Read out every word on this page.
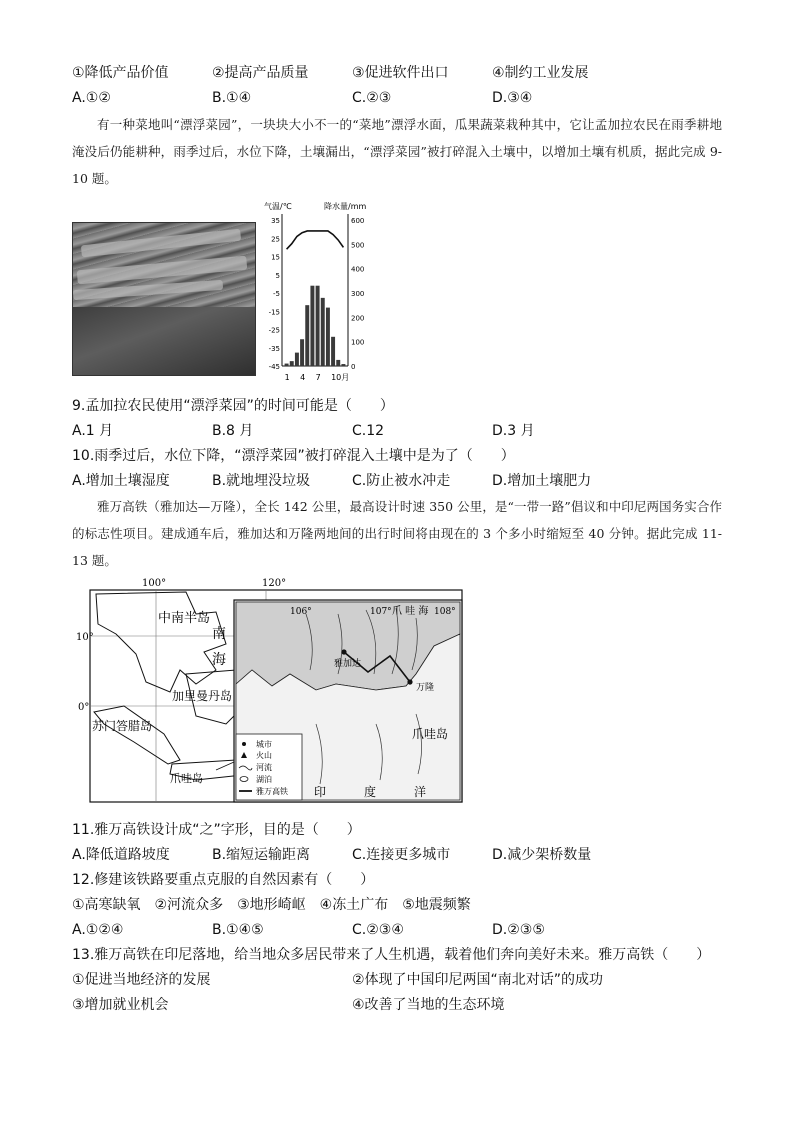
①降低产品价值	②提高产品质量	③促进软件出口	④制约工业发展
A.①②	B.①④	C.②③	D.③④
有一种菜地叫“漂浮菜园”，一块块大小不一的“菜地”漂浮水面，瓜果蔬菜栽种其中，它让孟加拉农民在雨季耕地淹没后仍能耕种，雨季过后，水位下降，土壤漏出，“漂浮菜园”被打碎混入土壤中，以增加土壤有机质，据此完成 9-10 题。
气温/℃	降水量/mm
35
25
15
5
-5
-15
-25
-35
-45
600
500
400
300
200
100
0
1 4 7 10月
9.孟加拉农民使用“漂浮菜园”的时间可能是（　　）
A.1 月	B.8 月	C.12	D.3 月
10.雨季过后，水位下降，“漂浮菜园”被打碎混入土壤中是为了（　　）
A.增加土壤湿度	B.就地埋没垃圾	C.防止被水冲走	D.增加土壤肥力
雅万高铁（雅加达—万隆），全长 142 公里，最高设计时速 350 公里，是“一带一路”倡议和中印尼两国务实合作的标志性项目。建成通车后，雅加达和万隆两地间的出行时间将由现在的 3 个多小时缩短至 40 分钟。据此完成 11-13 题。
100°	120°
10°
0°
中南半岛
南
海
加里曼丹岛
苏门答腊岛
爪哇岛
106°	107° 爪 哇 海 108°
雅加达
万隆
爪哇岛
印	度	洋
城市
火山
河流
湖泊
雅万高铁
11.雅万高铁设计成“之”字形，目的是（　　）
A.降低道路坡度	B.缩短运输距离	C.连接更多城市	D.减少架桥数量
12.修建该铁路要重点克服的自然因素有（　　）
①高寒缺氧　②河流众多　③地形崎岖　④冻土广布　⑤地震频繁
A.①②④	B.①④⑤	C.②③④	D.②③⑤
13.雅万高铁在印尼落地，给当地众多居民带来了人生机遇，载着他们奔向美好未来。雅万高铁（　　）
①促进当地经济的发展	②体现了中国印尼两国“南北对话”的成功
③增加就业机会	④改善了当地的生态环境
